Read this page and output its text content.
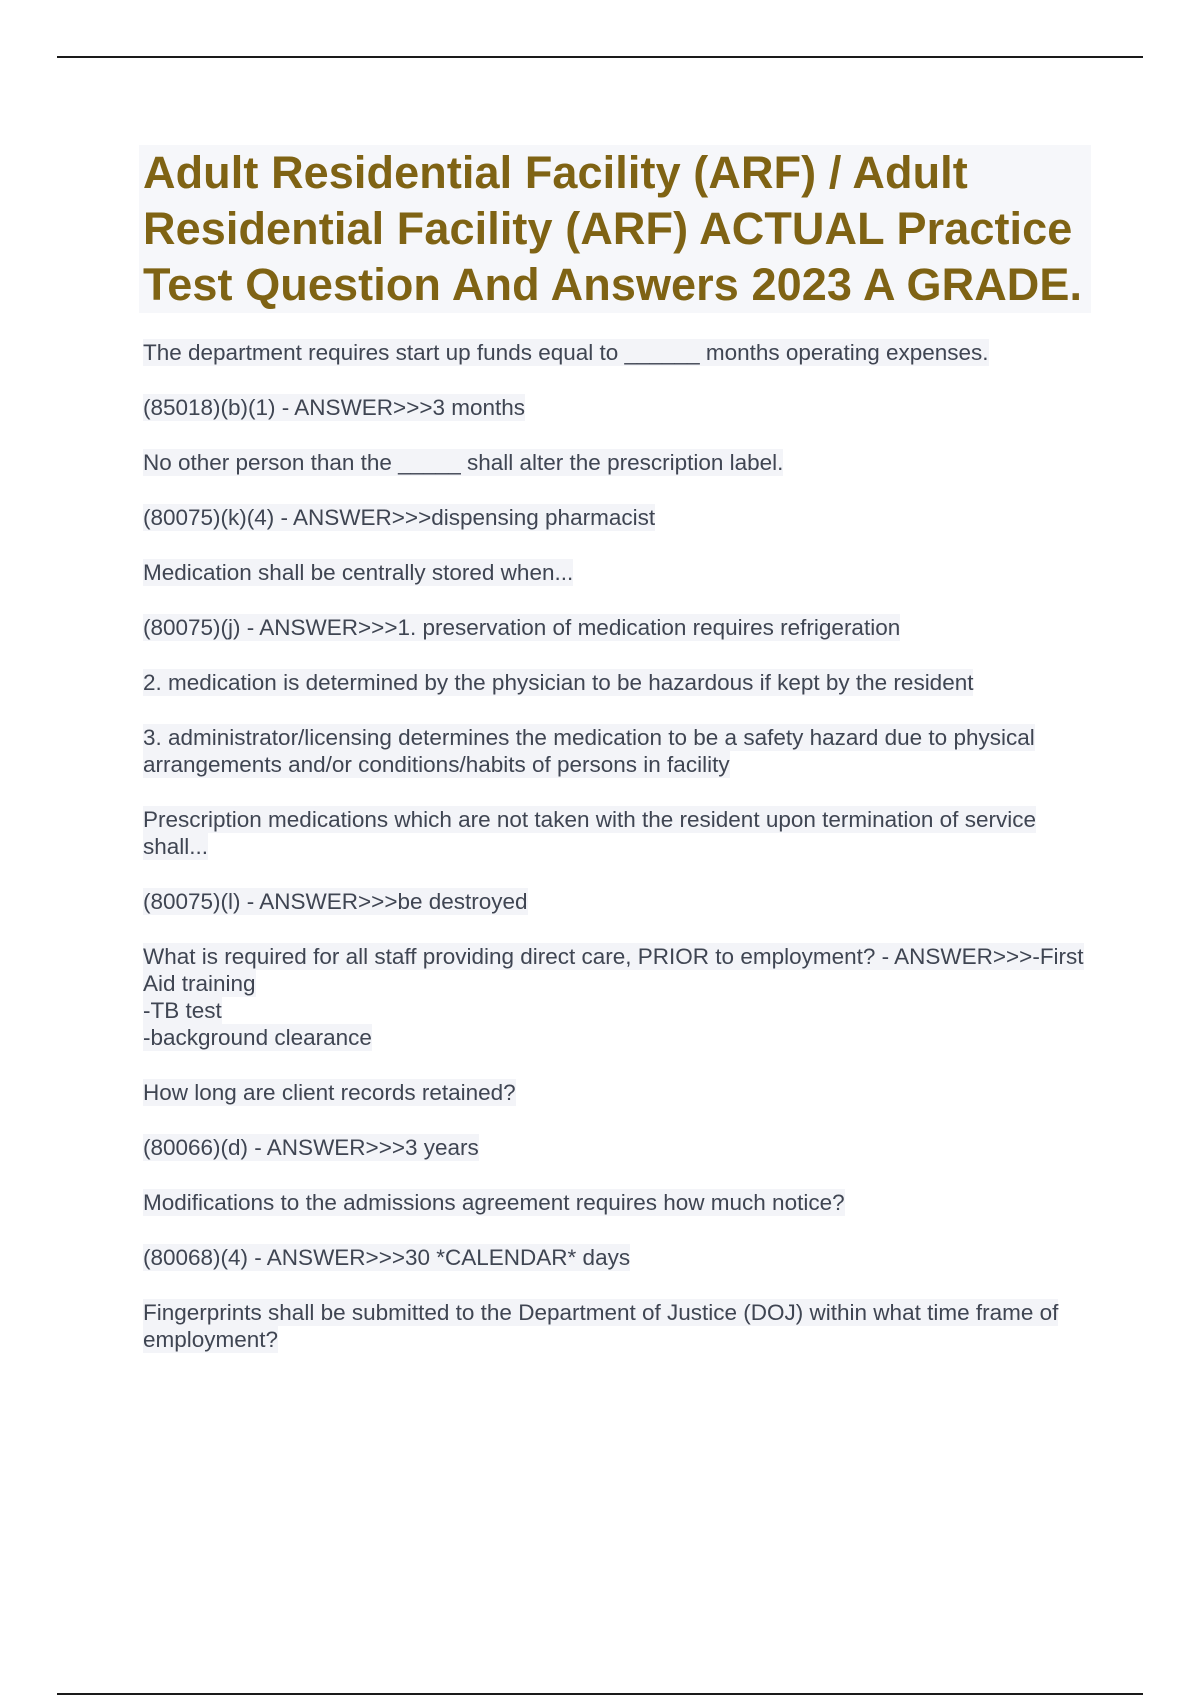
Adult Residential Facility (ARF) / Adult Residential Facility (ARF) ACTUAL Practice Test Question And Answers 2023 A GRADE.

The department requires start up funds equal to ______ months operating expenses.

(85018)(b)(1) - ANSWER>>>3 months

No other person than the _____ shall alter the prescription label.

(80075)(k)(4) - ANSWER>>>dispensing pharmacist

Medication shall be centrally stored when...

(80075)(j) - ANSWER>>>1. preservation of medication requires refrigeration

2. medication is determined by the physician to be hazardous if kept by the resident

3. administrator/licensing determines the medication to be a safety hazard due to physical arrangements and/or conditions/habits of persons in facility

Prescription medications which are not taken with the resident upon termination of service shall...

(80075)(l) - ANSWER>>>be destroyed

What is required for all staff providing direct care, PRIOR to employment? - ANSWER>>>-First Aid training
-TB test
-background clearance

How long are client records retained?

(80066)(d) - ANSWER>>>3 years

Modifications to the admissions agreement requires how much notice?

(80068)(4) - ANSWER>>>30 *CALENDAR* days

Fingerprints shall be submitted to the Department of Justice (DOJ) within what time frame of employment?
